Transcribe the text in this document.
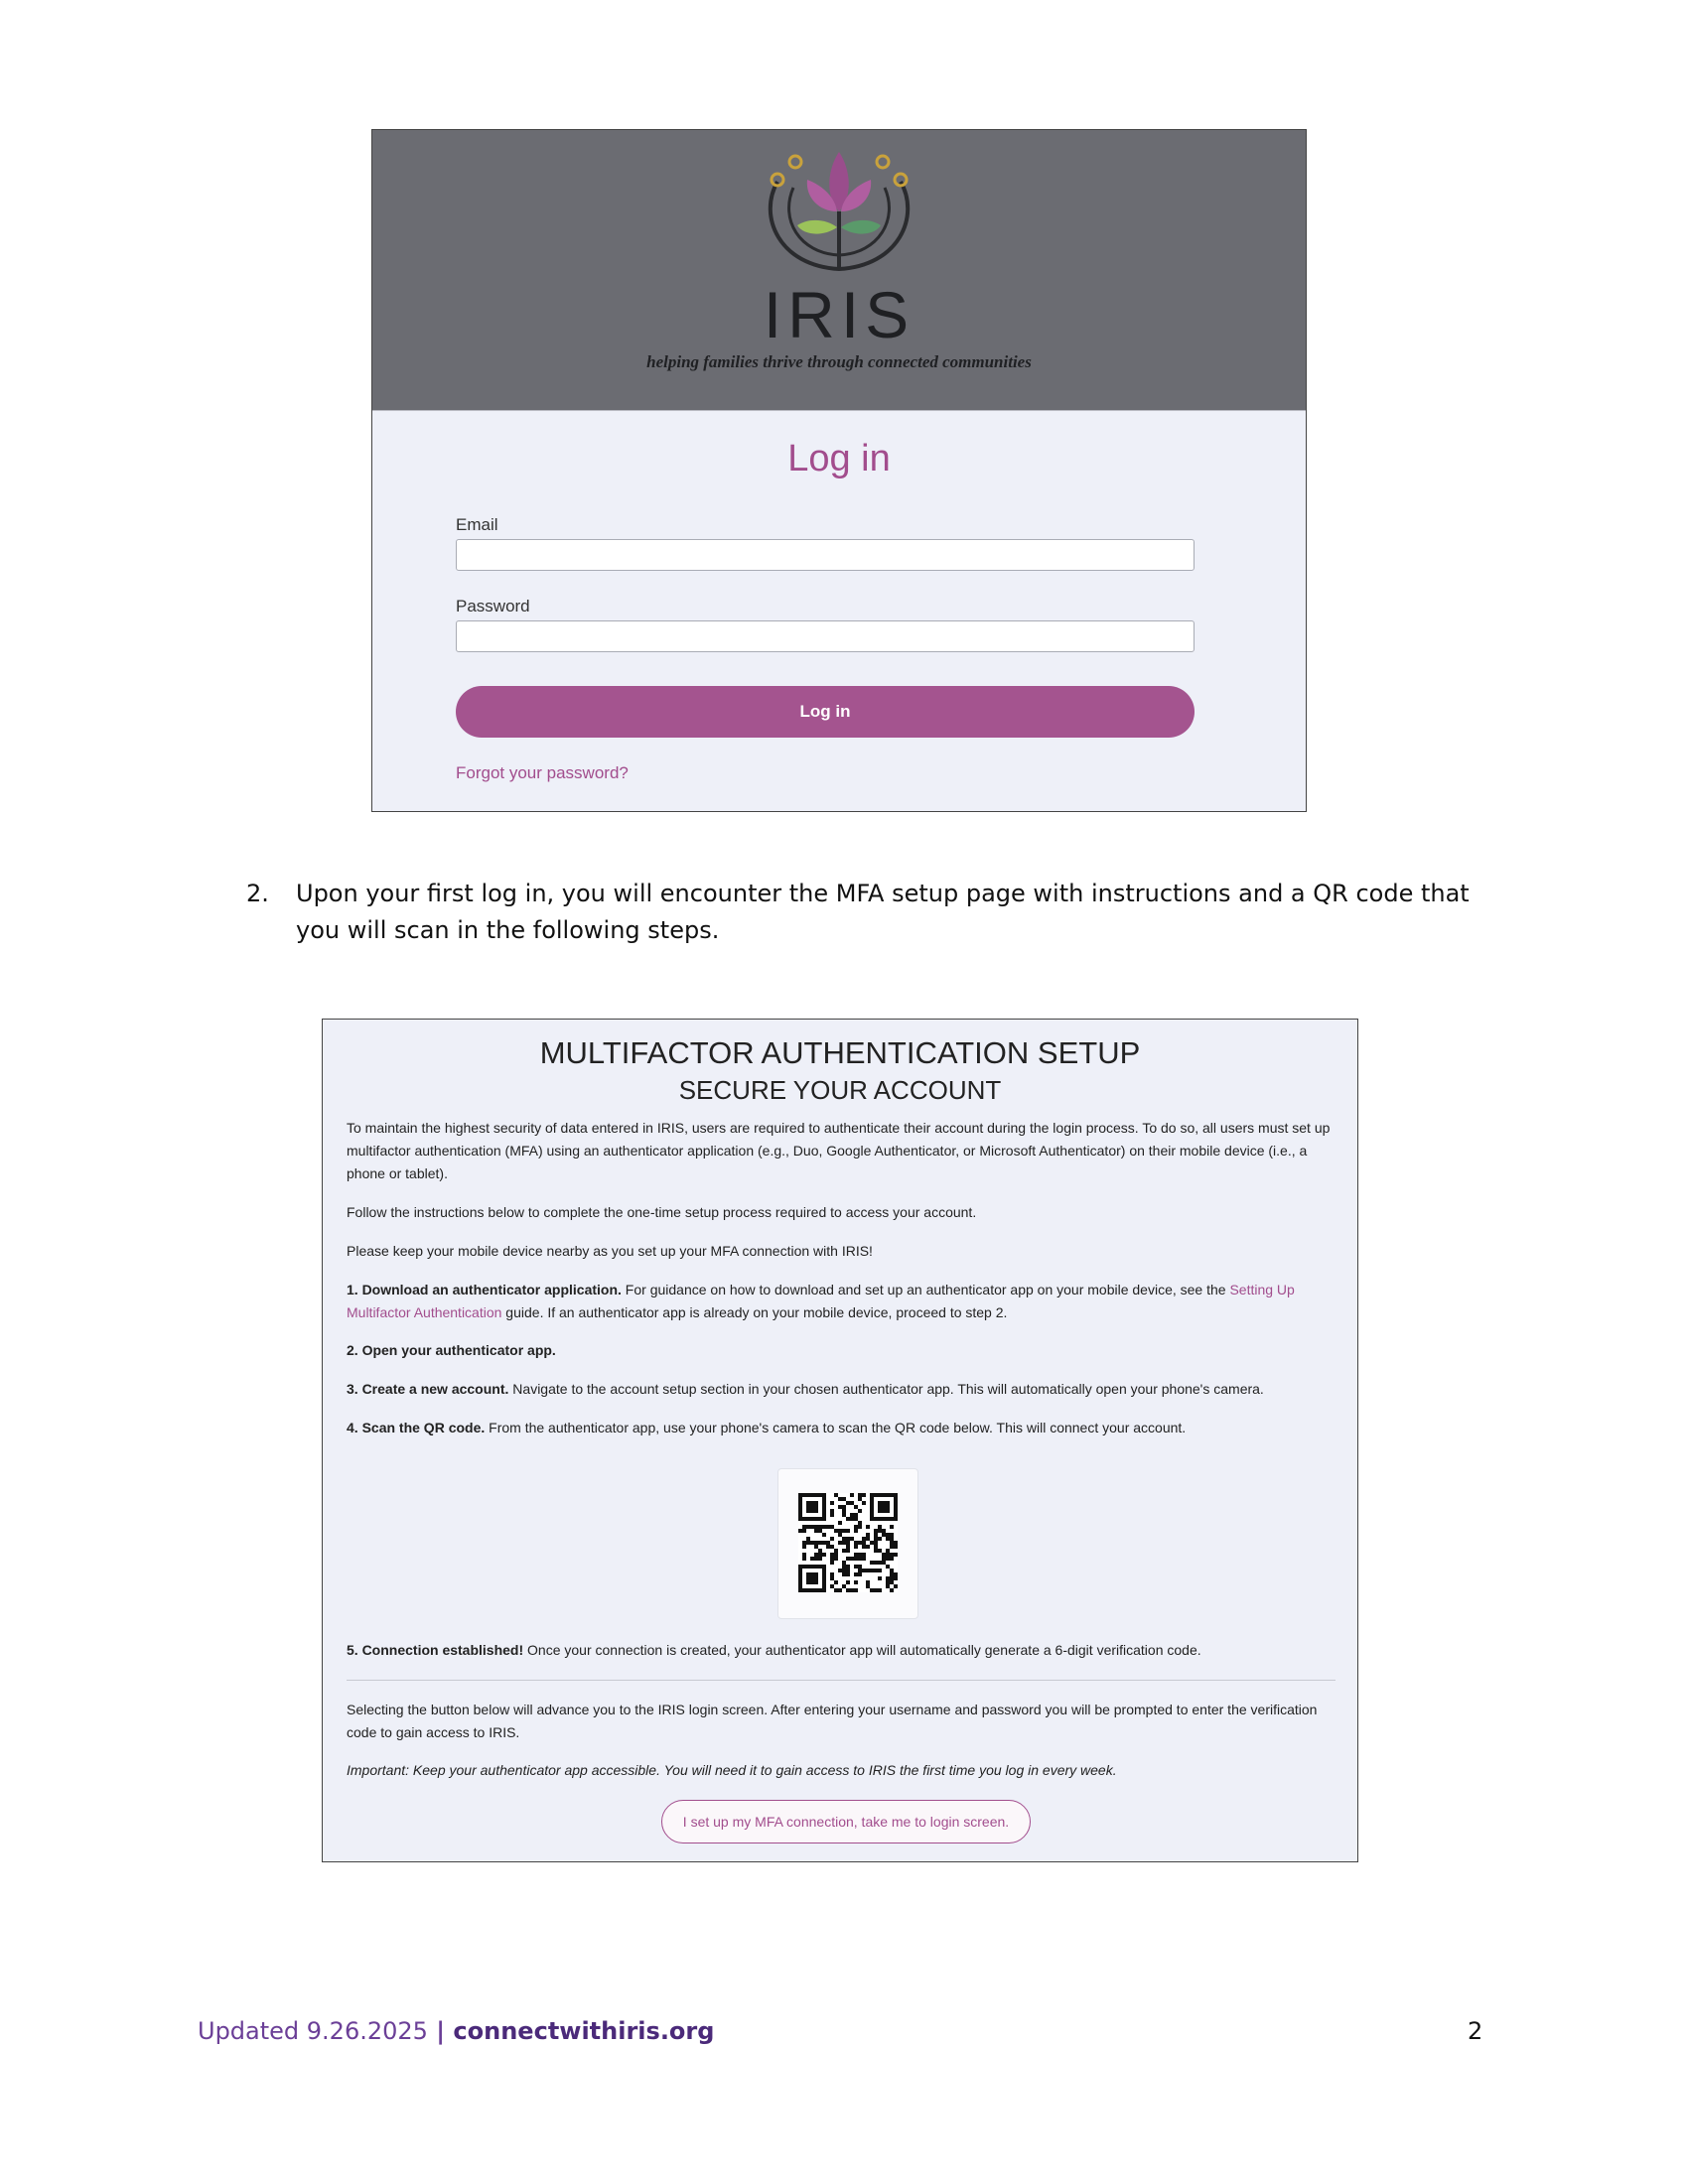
IRIS
helping families thrive through connected communities
Log in
Email
Password
Log in
Forgot your password?
2. Upon your first log in, you will encounter the MFA setup page with instructions and a QR code that you will scan in the following steps.
MULTIFACTOR AUTHENTICATION SETUP
SECURE YOUR ACCOUNT

To maintain the highest security of data entered in IRIS, users are required to authenticate their account during the login process. To do so, all users must set up multifactor authentication (MFA) using an authenticator application (e.g., Duo, Google Authenticator, or Microsoft Authenticator) on their mobile device (i.e., a phone or tablet).

Follow the instructions below to complete the one-time setup process required to access your account.

Please keep your mobile device nearby as you set up your MFA connection with IRIS!

1. Download an authenticator application. For guidance on how to download and set up an authenticator app on your mobile device, see the Setting Up Multifactor Authentication guide. If an authenticator app is already on your mobile device, proceed to step 2.

2. Open your authenticator app.

3. Create a new account. Navigate to the account setup section in your chosen authenticator app. This will automatically open your phone's camera.

4. Scan the QR code. From the authenticator app, use your phone's camera to scan the QR code below. This will connect your account.

5. Connection established! Once your connection is created, your authenticator app will automatically generate a 6-digit verification code.

Selecting the button below will advance you to the IRIS login screen. After entering your username and password you will be prompted to enter the verification code to gain access to IRIS.

Important: Keep your authenticator app accessible. You will need it to gain access to IRIS the first time you log in every week.

I set up my MFA connection, take me to login screen.
Updated 9.26.2025 | connectwithiris.org	2
